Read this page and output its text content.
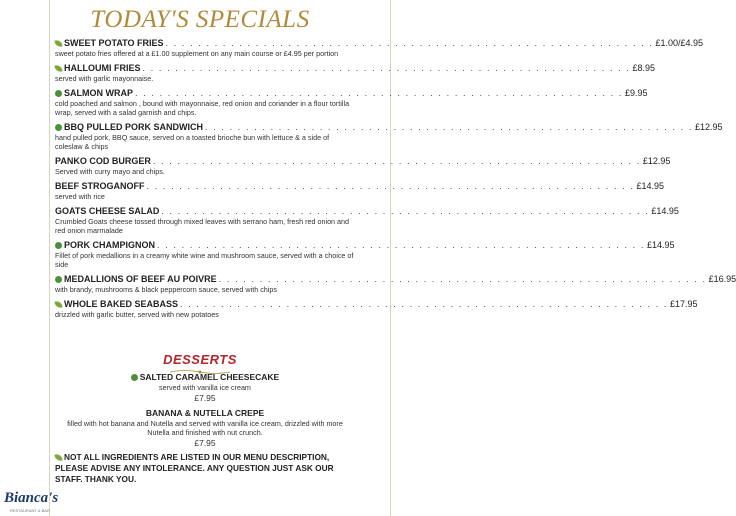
TODAY'S SPECIALS
SWEET POTATO FRIES . . . . . . . . . . . . . . . . . . . . . . . . . . . . . . . . . . . . . . . . . . . . . . . . . . . . . . . . . . . . £1.00/£4.95
sweet potato fries offered at a £1.00 supplement on any main course or £4.95 per portion
HALLOUMI FRIES . . . . . . . . . . . . . . . . . . . . . . . . . . . . . . . . . . . . . . . . . . . . . . . . . . . . . . . . . . . . £8.95
served with garlic mayonnaise.
SALMON WRAP . . . . . . . . . . . . . . . . . . . . . . . . . . . . . . . . . . . . . . . . . . . . . . . . . . . . . . . . . . . . £9.95
cold poached and salmon , bound with mayonnaise, red onion and coriander in a flour tortilla wrap, served with a salad garnish and chips.
BBQ PULLED PORK SANDWICH . . . . . . . . . . . . . . . . . . . . . . . . . . . . . . . . . . . . . . . . . . . . . . . . . . . . . . . . . . . . £12.95
hand pulled pork, BBQ sauce, served on a toasted brioche bun with lettuce & a side of coleslaw & chips
PANKO COD BURGER . . . . . . . . . . . . . . . . . . . . . . . . . . . . . . . . . . . . . . . . . . . . . . . . . . . . . . . . . . . . £12.95
Served with curry mayo and chips.
BEEF STROGANOFF . . . . . . . . . . . . . . . . . . . . . . . . . . . . . . . . . . . . . . . . . . . . . . . . . . . . . . . . . . . . £14.95
served with rice
GOATS CHEESE SALAD . . . . . . . . . . . . . . . . . . . . . . . . . . . . . . . . . . . . . . . . . . . . . . . . . . . . . . . . . . . . £14.95
Crumbled Goats cheese tossed through mixed leaves with serrano ham, fresh red onion and red onion marmalade
PORK CHAMPIGNON . . . . . . . . . . . . . . . . . . . . . . . . . . . . . . . . . . . . . . . . . . . . . . . . . . . . . . . . . . . . £14.95
Fillet of pork medallions in a creamy white wine and mushroom sauce, served with a choice of side
MEDALLIONS OF BEEF AU POIVRE . . . . . . . . . . . . . . . . . . . . . . . . . . . . . . . . . . . . . . . . . . . . . . . . . . . . . . . . . . . . £16.95
with brandy, mushrooms & black peppercorn sauce, served with chips
WHOLE BAKED SEABASS . . . . . . . . . . . . . . . . . . . . . . . . . . . . . . . . . . . . . . . . . . . . . . . . . . . . . . . . . . . . £17.95
drizzled with garlic butter, served with new potatoes
DESSERTS
SALTED CARAMEL CHEESECAKE
served with vanilla ice cream
£7.95
BANANA & NUTELLA CREPE
filled with hot banana and Nutella and served with vanilla ice cream, drizzled with more Nutella and finished with nut crunch.
£7.95
NOT ALL INGREDIENTS ARE LISTED IN OUR MENU DESCRIPTION, PLEASE ADVISE ANY INTOLERANCE. ANY QUESTION JUST ASK OUR STAFF. THANK YOU.
Bianca's
RESTAURANT & BAR
